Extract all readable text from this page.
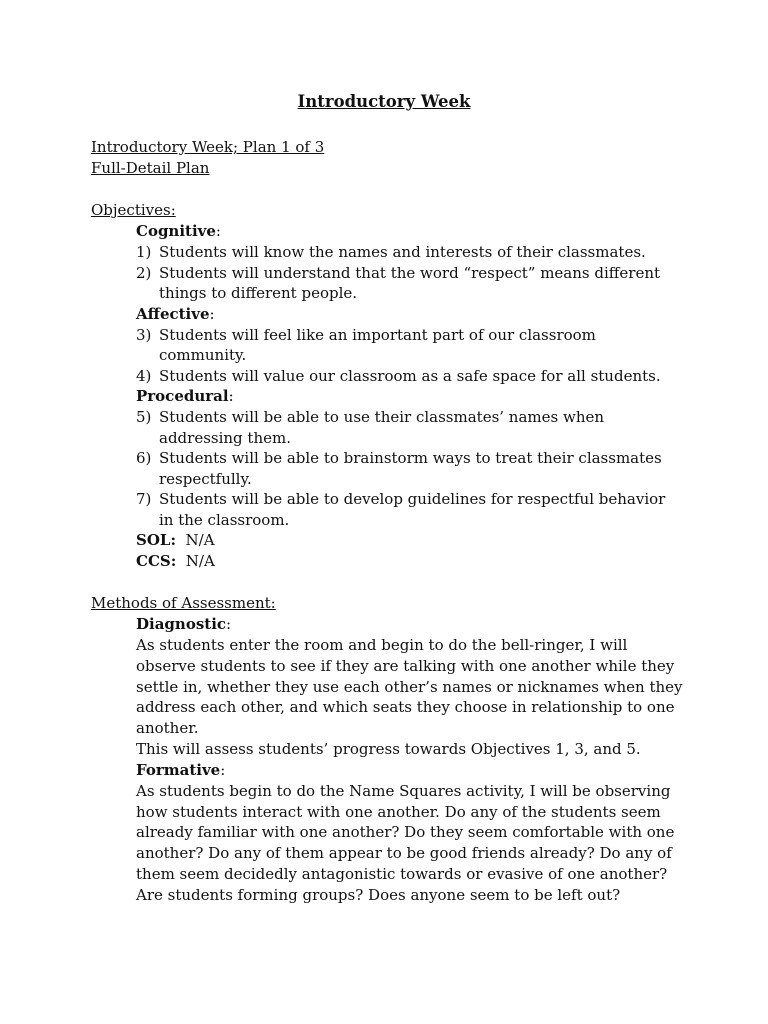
Introductory Week
Introductory Week; Plan 1 of 3
Full-Detail Plan
Objectives:
Cognitive:
1) Students will know the names and interests of their classmates.
2) Students will understand that the word “respect” means different things to different people.
Affective:
3) Students will feel like an important part of our classroom community.
4) Students will value our classroom as a safe space for all students.
Procedural:
5) Students will be able to use their classmates’ names when addressing them.
6) Students will be able to brainstorm ways to treat their classmates respectfully.
7) Students will be able to develop guidelines for respectful behavior in the classroom.
SOL: N/A
CCS: N/A
Methods of Assessment:
Diagnostic:
As students enter the room and begin to do the bell-ringer, I will observe students to see if they are talking with one another while they settle in, whether they use each other’s names or nicknames when they address each other, and which seats they choose in relationship to one another.
This will assess students’ progress towards Objectives 1, 3, and 5.
Formative:
As students begin to do the Name Squares activity, I will be observing how students interact with one another. Do any of the students seem already familiar with one another? Do they seem comfortable with one another? Do any of them appear to be good friends already? Do any of them seem decidedly antagonistic towards or evasive of one another? Are students forming groups? Does anyone seem to be left out?
